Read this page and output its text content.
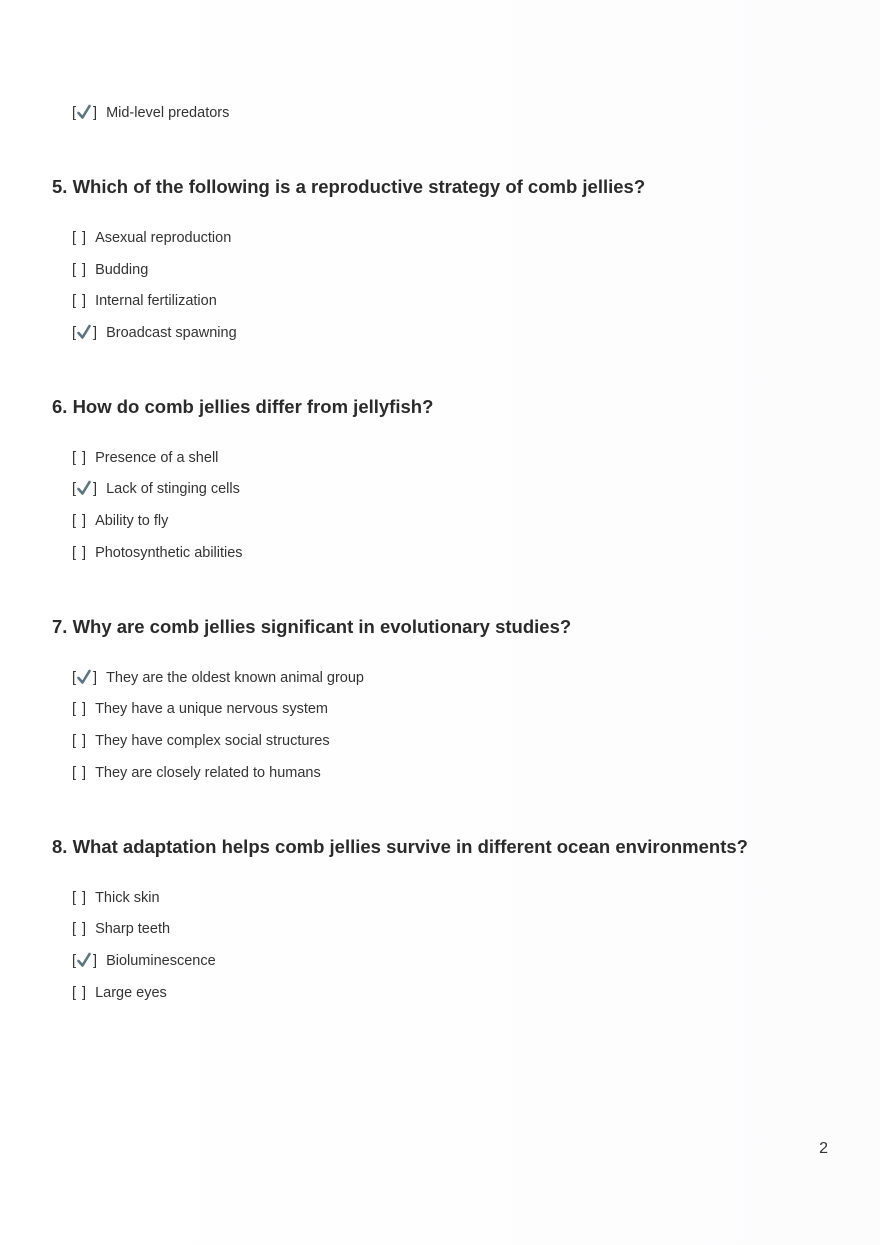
[ ] Mid-level predators
5. Which of the following is a reproductive strategy of comb jellies?
[ ] Asexual reproduction
[ ] Budding
[ ] Internal fertilization
[ ] Broadcast spawning
6. How do comb jellies differ from jellyfish?
[ ] Presence of a shell
[ ] Lack of stinging cells
[ ] Ability to fly
[ ] Photosynthetic abilities
7. Why are comb jellies significant in evolutionary studies?
[ ] They are the oldest known animal group
[ ] They have a unique nervous system
[ ] They have complex social structures
[ ] They are closely related to humans
8. What adaptation helps comb jellies survive in different ocean environments?
[ ] Thick skin
[ ] Sharp teeth
[ ] Bioluminescence
[ ] Large eyes
2
